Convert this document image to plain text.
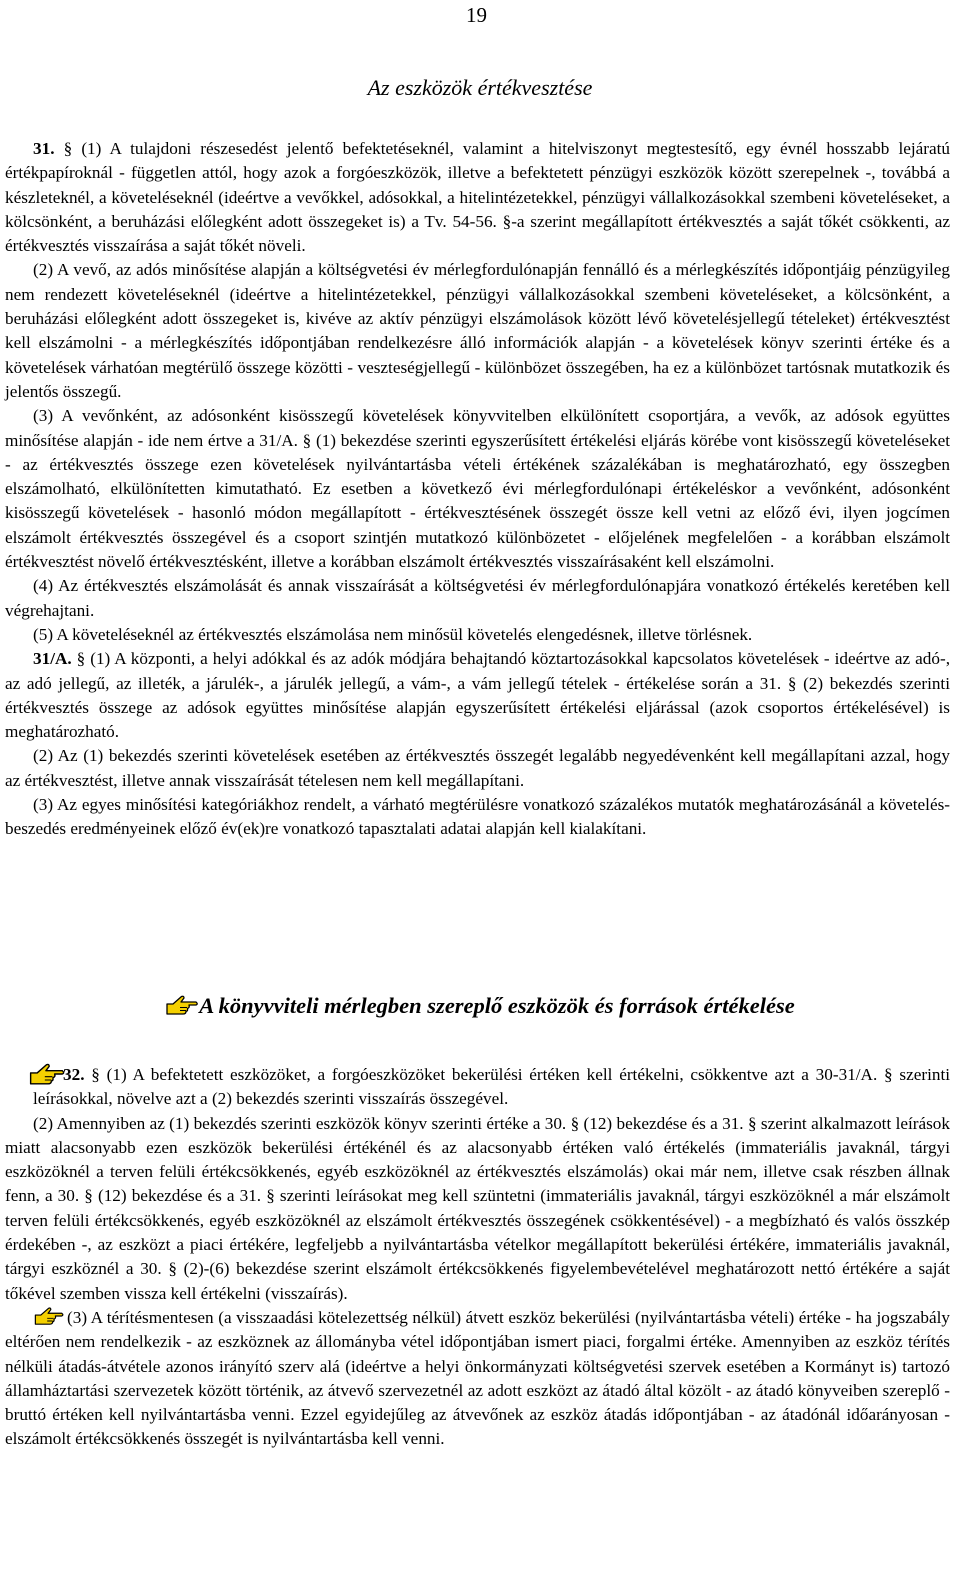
19
Az eszközök értékvesztése

31. § (1) A tulajdoni részesedést jelentő befektetéseknél, valamint a hitelviszonyt megtestesítő, egy évnél hosszabb lejáratú értékpapíroknál - független attól, hogy azok a forgóeszközök, illetve a befektetett pénzügyi eszközök között szerepelnek -, továbbá a készleteknél, a követeléseknél (ideértve a vevőkkel, adósokkal, a hitelintézetekkel, pénzügyi vállalkozásokkal szembeni követeléseket, a kölcsönként, a beruházási előlegként adott összegeket is) a Tv. 54-56. §-a szerint megállapított értékvesztés a saját tőkét csökkenti, az értékvesztés visszaírása a saját tőkét növeli.

(2) A vevő, az adós minősítése alapján a költségvetési év mérlegfordulónapján fennálló és a mérlegkészítés időpontjáig pénzügyileg nem rendezett követeléseknél (ideértve a hitelintézetekkel, pénzügyi vállalkozásokkal szembeni követeléseket, a kölcsönként, a beruházási előlegként adott összegeket is, kivéve az aktív pénzügyi elszámolások között lévő követelésjellegű tételeket) értékvesztést kell elszámolni - a mérlegkészítés időpontjában rendelkezésre álló információk alapján - a követelések könyv szerinti értéke és a követelések várhatóan megtérülő összege közötti - veszteségjellegű - különbözet összegében, ha ez a különbözet tartósnak mutatkozik és jelentős összegű.

(3) A vevőnként, az adósonként kisösszegű követelések könyvvitelben elkülönített csoportjára, a vevők, az adósok együttes minősítése alapján - ide nem értve a 31/A. § (1) bekezdése szerinti egyszerűsített értékelési eljárás körébe vont kisösszegű követeléseket - az értékvesztés összege ezen követelések nyilvántartásba vételi értékének százalékában is meghatározható, egy összegben elszámolható, elkülönítetten kimutatható. Ez esetben a következő évi mérlegfordulónapi értékeléskor a vevőnként, adósonként kisösszegű követelések - hasonló módon megállapított - értékvesztésének összegét össze kell vetni az előző évi, ilyen jogcímen elszámolt értékvesztés összegével és a csoport szintjén mutatkozó különbözetet - előjelének megfelelően - a korábban elszámolt értékvesztést növelő értékvesztésként, illetve a korábban elszámolt értékvesztés visszaírásaként kell elszámolni.

(4) Az értékvesztés elszámolását és annak visszaírását a költségvetési év mérlegfordulónapjára vonatkozó értékelés keretében kell végrehajtani.

(5) A követeléseknél az értékvesztés elszámolása nem minősül követelés elengedésnek, illetve törlésnek.

31/A. § (1) A központi, a helyi adókkal és az adók módjára behajtandó köztartozásokkal kapcsolatos követelések - ideértve az adó-, az adó jellegű, az illeték, a járulék-, a járulék jellegű, a vám-, a vám jellegű tételek - értékelése során a 31. § (2) bekezdés szerinti értékvesztés összege az adósok együttes minősítése alapján egyszerűsített értékelési eljárással (azok csoportos értékelésével) is meghatározható.

(2) Az (1) bekezdés szerinti követelések esetében az értékvesztés összegét legalább negyedévenként kell megállapítani azzal, hogy az értékvesztést, illetve annak visszaírását tételesen nem kell megállapítani.

(3) Az egyes minősítési kategóriákhoz rendelt, a várható megtérülésre vonatkozó százalékos mutatók meghatározásánál a követelés-beszedés eredményeinek előző év(ek)re vonatkozó tapasztalati adatai alapján kell kialakítani.

A könyvviteli mérlegben szereplő eszközök és források értékelése

32. § (1) A befektetett eszközöket, a forgóeszközöket bekerülési értéken kell értékelni, csökkentve azt a 30-31/A. § szerinti leírásokkal, növelve azt a (2) bekezdés szerinti visszaírás összegével.

(2) Amennyiben az (1) bekezdés szerinti eszközök könyv szerinti értéke a 30. § (12) bekezdése és a 31. § szerint alkalmazott leírások miatt alacsonyabb ezen eszközök bekerülési értékénél és az alacsonyabb értéken való értékelés (immateriális javaknál, tárgyi eszközöknél a terven felüli értékcsökkenés, egyéb eszközöknél az értékvesztés elszámolás) okai már nem, illetve csak részben állnak fenn, a 30. § (12) bekezdése és a 31. § szerinti leírásokat meg kell szüntetni (immateriális javaknál, tárgyi eszközöknél a már elszámolt terven felüli értékcsökkenés, egyéb eszközöknél az elszámolt értékvesztés összegének csökkentésével) - a megbízható és valós összkép érdekében -, az eszközt a piaci értékére, legfeljebb a nyilvántartásba vételkor megállapított bekerülési értékére, immateriális javaknál, tárgyi eszköznél a 30. § (2)-(6) bekezdése szerint elszámolt értékcsökkenés figyelembevételével meghatározott nettó értékére a saját tőkével szemben vissza kell értékelni (visszaírás).

(3) A térítésmentesen (a visszaadási kötelezettség nélkül) átvett eszköz bekerülési (nyilvántartásba vételi) értéke - ha jogszabály eltérően nem rendelkezik - az eszköznek az állományba vétel időpontjában ismert piaci, forgalmi értéke. Amennyiben az eszköz térítés nélküli átadás-átvétele azonos irányító szerv alá (ideértve a helyi önkormányzati költségvetési szervek esetében a Kormányt is) tartozó államháztartási szervezetek között történik, az átvevő szervezetnél az adott eszközt az átadó által közölt - az átadó könyveiben szereplő - bruttó értéken kell nyilvántartásba venni. Ezzel egyidejűleg az átvevőnek az eszköz átadás időpontjában - az átadónál időarányosan - elszámolt értékcsökkenés összegét is nyilvántartásba kell venni.
